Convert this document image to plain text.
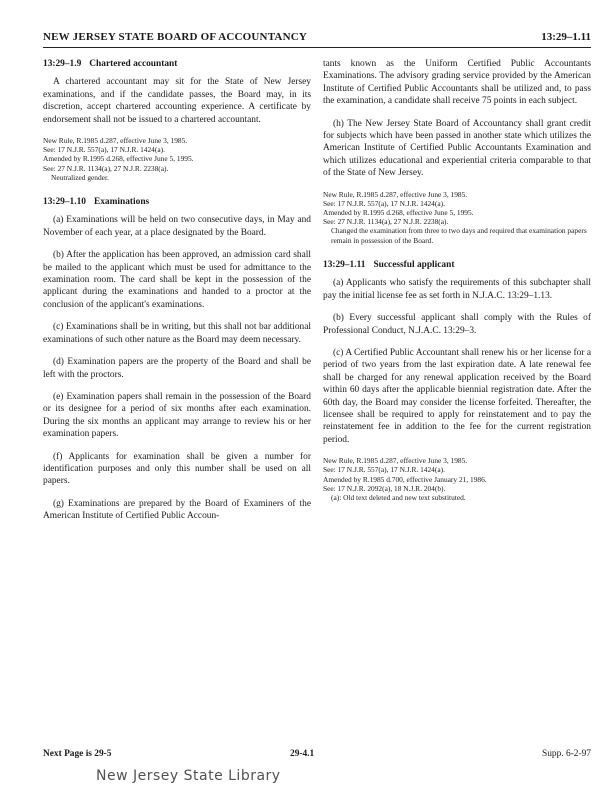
NEW JERSEY STATE BOARD OF ACCOUNTANCY	13:29–1.11
13:29–1.9 Chartered accountant

A chartered accountant may sit for the State of New Jersey examinations, and if the candidate passes, the Board may, in its discretion, accept chartered accounting experience. A certificate by endorsement shall not be issued to a chartered accountant.

New Rule, R.1985 d.287, effective June 3, 1985.
See: 17 N.J.R. 557(a), 17 N.J.R. 1424(a).
Amended by R.1995 d.268, effective June 5, 1995.
See: 27 N.J.R. 1134(a), 27 N.J.R. 2238(a).
Neutralized gender.
13:29–1.10 Examinations

(a) Examinations will be held on two consecutive days, in May and November of each year, at a place designated by the Board.

(b) After the application has been approved, an admission card shall be mailed to the applicant which must be used for admittance to the examination room. The card shall be kept in the possession of the applicant during the examinations and handed to a proctor at the conclusion of the applicant's examinations.

(c) Examinations shall be in writing, but this shall not bar additional examinations of such other nature as the Board may deem necessary.

(d) Examination papers are the property of the Board and shall be left with the proctors.

(e) Examination papers shall remain in the possession of the Board or its designee for a period of six months after each examination. During the six months an applicant may arrange to review his or her examination papers.

(f) Applicants for examination shall be given a number for identification purposes and only this number shall be used on all papers.

(g) Examinations are prepared by the Board of Examiners of the American Institute of Certified Public Accoun-

tants known as the Uniform Certified Public Accountants Examinations. The advisory grading service provided by the American Institute of Certified Public Accountants shall be utilized and, to pass the examination, a candidate shall receive 75 points in each subject.

(h) The New Jersey State Board of Accountancy shall grant credit for subjects which have been passed in another state which utilizes the American Institute of Certified Public Accountants Examination and which utilizes educational and experiential criteria comparable to that of the State of New Jersey.

New Rule, R.1985 d.287, effective June 3, 1985.
See: 17 N.J.R. 557(a), 17 N.J.R. 1424(a).
Amended by R.1995 d.268, effective June 5, 1995.
See: 27 N.J.R. 1134(a), 27 N.J.R. 2238(a).
Changed the examination from three to two days and required that examination papers remain in possession of the Board.
13:29–1.11 Successful applicant

(a) Applicants who satisfy the requirements of this subchapter shall pay the initial license fee as set forth in N.J.A.C. 13:29–1.13.

(b) Every successful applicant shall comply with the Rules of Professional Conduct, N.J.A.C. 13:29–3.

(c) A Certified Public Accountant shall renew his or her license for a period of two years from the last expiration date. A late renewal fee shall be charged for any renewal application received by the Board within 60 days after the applicable biennial registration date. After the 60th day, the Board may consider the license forfeited. Thereafter, the licensee shall be required to apply for reinstatement and to pay the reinstatement fee in addition to the fee for the current registration period.

New Rule, R.1985 d.287, effective June 3, 1985.
See: 17 N.J.R. 557(a), 17 N.J.R. 1424(a).
Amended by R.1985 d.700, effective January 21, 1986.
See: 17 N.J.R. 2092(a), 18 N.J.R. 204(b).
(a): Old text deleted and new text substituted.
Next Page is 29-5	29-4.1	Supp. 6-2-97
New Jersey State Library
